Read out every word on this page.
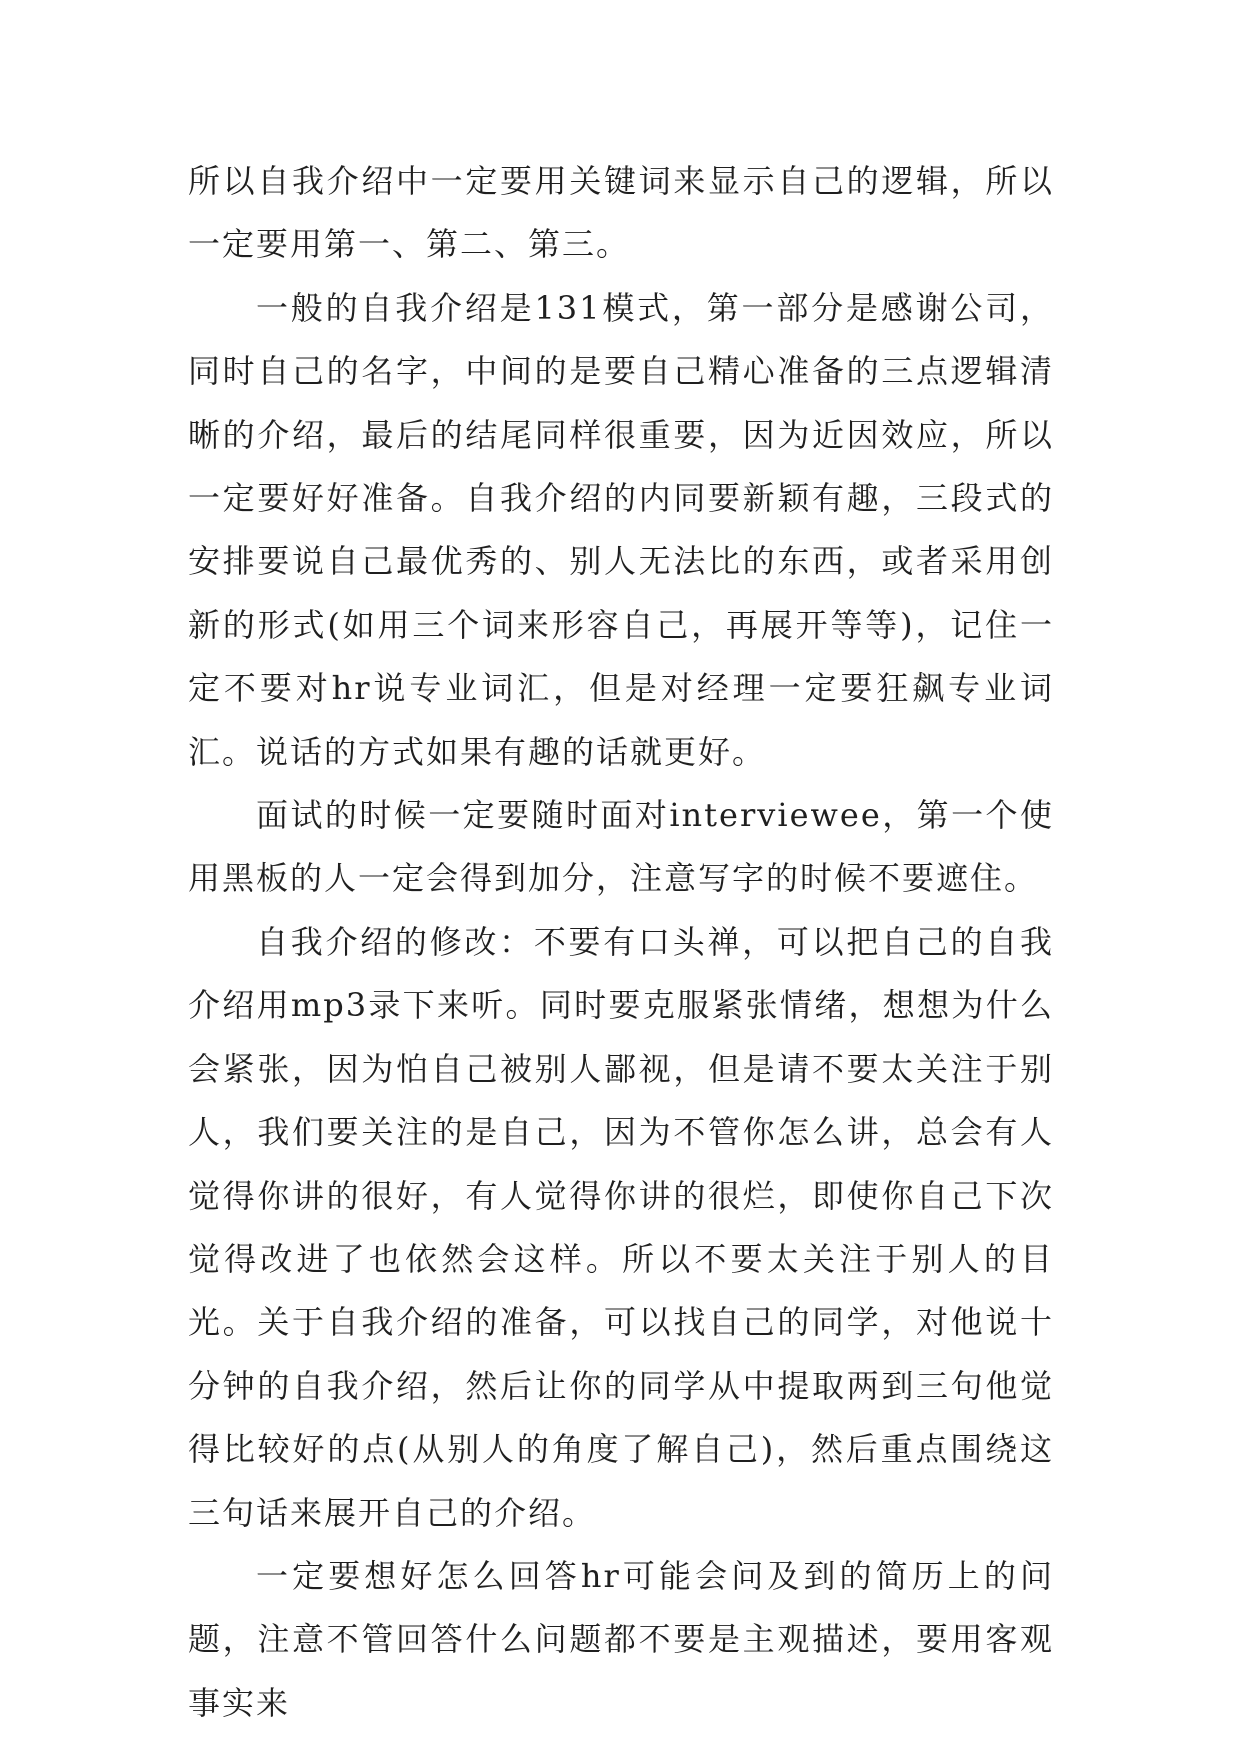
所以自我介绍中一定要用关键词来显示自己的逻辑，所以一定要用第一、第二、第三。

一般的自我介绍是131模式，第一部分是感谢公司，同时自己的名字，中间的是要自己精心准备的三点逻辑清晰的介绍，最后的结尾同样很重要，因为近因效应，所以一定要好好准备。自我介绍的内同要新颖有趣，三段式的安排要说自己最优秀的、别人无法比的东西，或者采用创新的形式(如用三个词来形容自己，再展开等等)，记住一定不要对hr说专业词汇，但是对经理一定要狂飙专业词汇。说话的方式如果有趣的话就更好。

面试的时候一定要随时面对interviewee，第一个使用黑板的人一定会得到加分，注意写字的时候不要遮住。

自我介绍的修改：不要有口头禅，可以把自己的自我介绍用mp3录下来听。同时要克服紧张情绪，想想为什么会紧张，因为怕自己被别人鄙视，但是请不要太关注于别人，我们要关注的是自己，因为不管你怎么讲，总会有人觉得你讲的很好，有人觉得你讲的很烂，即使你自己下次觉得改进了也依然会这样。所以不要太关注于别人的目光。关于自我介绍的准备，可以找自己的同学，对他说十分钟的自我介绍，然后让你的同学从中提取两到三句他觉得比较好的点(从别人的角度了解自己)，然后重点围绕这三句话来展开自己的介绍。

一定要想好怎么回答hr可能会问及到的简历上的问题，注意不管回答什么问题都不要是主观描述，要用客观事实来
